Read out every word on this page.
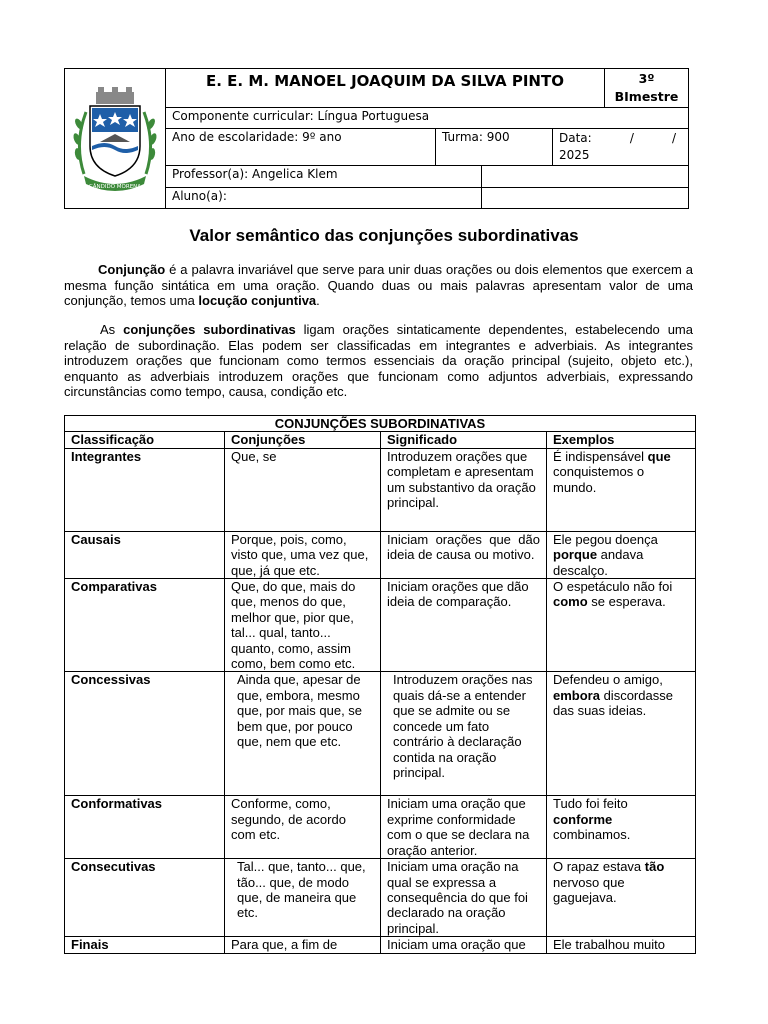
CÂNDIDO MORENA
E. E. M. MANOEL JOAQUIM DA SILVA PINTO	3º
BImestre
Componente curricular: Língua Portuguesa
Ano de escolaridade: 9º ano	Turma: 900	Data:          /          /
2025
Professor(a): Angelica Klem
Aluno(a):
Valor semântico das conjunções subordinativas

Conjunção é a palavra invariável que serve para unir duas orações ou dois elementos que exercem a mesma função sintática em uma oração. Quando duas ou mais palavras apresentam valor de uma conjunção, temos uma locução conjuntiva.

As conjunções subordinativas ligam orações sintaticamente dependentes, estabelecendo uma relação de subordinação. Elas podem ser classificadas em integrantes e adverbiais. As integrantes introduzem orações que funcionam como termos essenciais da oração principal (sujeito, objeto etc.), enquanto as adverbiais introduzem orações que funcionam como adjuntos adverbiais, expressando circunstâncias como tempo, causa, condição etc.

CONJUNÇÕES SUBORDINATIVAS			
Classificação	Conjunções	Significado	Exemplos
Integrantes	Que, se	Introduzem orações que completam e apresentam um substantivo da oração principal.	É indispensável que conquistemos o mundo.
Causais	Porque, pois, como, visto que, uma vez que, que, já que etc.	Iniciam orações que dão ideia de causa ou motivo.	Ele pegou doença porque andava descalço.
Comparativas	Que, do que, mais do que, menos do que, melhor que, pior que, tal... qual, tanto... quanto, como, assim como, bem como etc.	Iniciam orações que dão ideia de comparação.	O espetáculo não foi como se esperava.
Concessivas	Ainda que, apesar de que, embora, mesmo que, por mais que, se bem que, por pouco que, nem que etc.	Introduzem orações nas quais dá-se a entender que se admite ou se concede um fato contrário à declaração contida na oração principal.	Defendeu o amigo, embora discordasse das suas ideias.
Conformativas	Conforme, como, segundo, de acordo com etc.	Iniciam uma oração que exprime conformidade com o que se declara na oração anterior.	Tudo foi feito conforme combinamos.
Consecutivas	Tal... que, tanto... que, tão... que, de modo que, de maneira que etc.	Iniciam uma oração na qual se expressa a consequência do que foi declarado na oração principal.	O rapaz estava tão nervoso que gaguejava.
Finais	Para que, a fim de	Iniciam uma oração que	Ele trabalhou muito
